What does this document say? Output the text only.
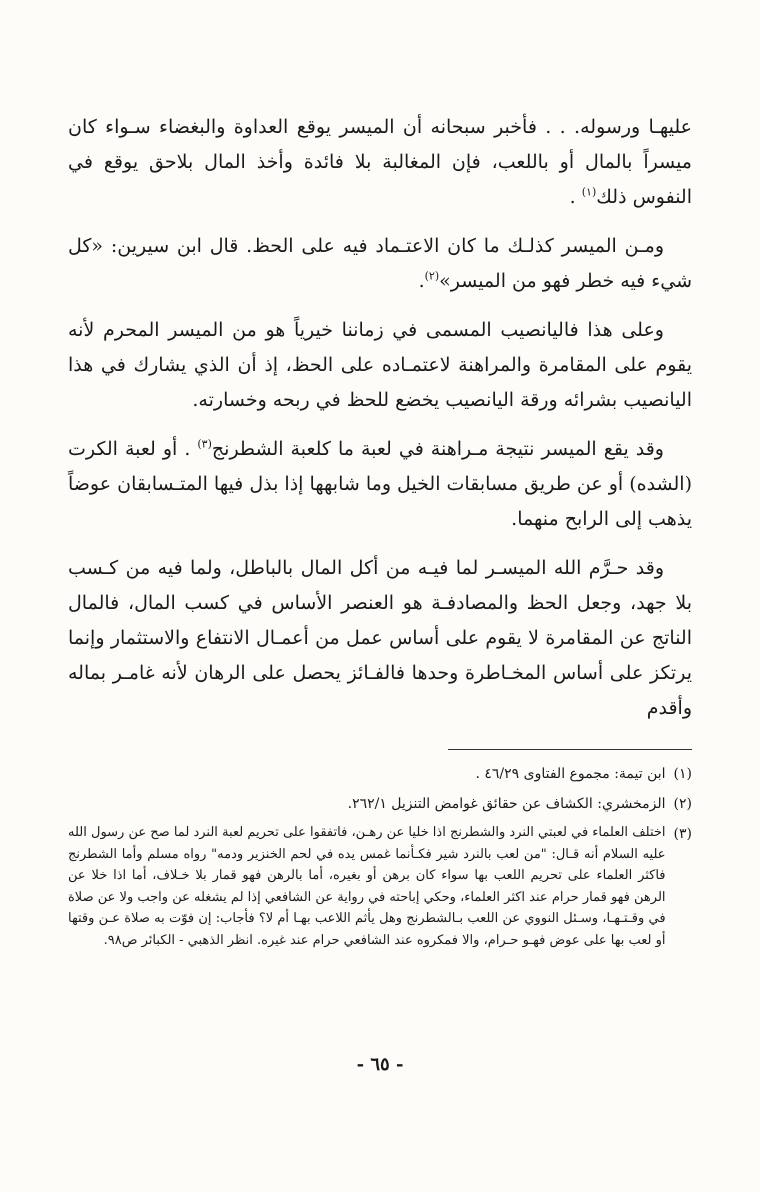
عليهـا ورسوله. . . فأخبر سبحانه أن الميسر يوقع العداوة والبغضاء سـواء كان ميسراً بالمال أو باللعب، فإن المغالبة بلا فائدة وأخذ المال بلاحق يوقع في النفوس ذلك$^{(١)}$ .

ومـن الميسر كذلـك ما كان الاعتـماد فيه على الحظ. قال ابن سيرين: «كل شيء فيه خطر فهو من الميسر»$^{(٢)}$.

وعلى هذا فاليانصيب المسمى في زماننا خيرياً هو من الميسر المحرم لأنه يقوم على المقامرة والمراهنة لاعتمـاده على الحظ، إذ أن الذي يشارك في هذا اليانصيب بشرائه ورقة اليانصيب يخضع للحظ في ربحه وخسارته.

وقد يقع الميسر نتيجة مـراهنة في لعبة ما كلعبة الشطرنج$^{(٣)}$ . أو لعبة الكرت (الشده) أو عن طريق مسابقات الخيل وما شابهها إذا بذل فيها المتـسابقان عوضاً يذهب إلى الرابح منهما.

وقد حـرَّم الله الميسـر لما فيـه من أكل المال بالباطل، ولما فيه من كـسب بلا جهد، وجعل الحظ والمصادفـة هو العنصر الأساس في كسب المال، فالمال الناتج عن المقامرة لا يقوم على أساس عمل من أعمـال الانتفاع والاستثمار وإنما يرتكز على أساس المخـاطرة وحدها فالفـائز يحصل على الرهان لأنه غامـر بماله وأقدم

(١)
ابن تيمة: مجموع الفتاوى ٤٦/٢٩ .
(٢)
الزمخشري: الكشاف عن حقائق غوامض التنزيل ٢٦٢/١.
(٣)
اختلف العلماء في لعبتي النرد والشطرنج اذا خليا عن رهـن، فاتفقوا على تحريم لعبة النرد لما صح عن رسول الله عليه السلام أنه قـال: "من لعب بالنرد شير فكـأنما غمس يده في لحم الخنزير ودمه" رواه مسلم وأما الشطرنج فاكثر العلماء على تحريم اللعب بها سواء كان برهن أو بغيره، أما بالرهن فهو قمار بلا خـلاف، أما اذا خلا عن الرهن فهو قمار حرام عند اكثر العلماء، وحكي إباحته في رواية عن الشافعي إذا لم يشغله عن واجب ولا عن صلاة في وقـتـهـا، وسـئل النووي عن اللعب بـالشطرنج وهل يأثم اللاعب بهـا أم لا؟ فأجاب: إن فوّت به صلاة عـن وقتها أو لعب بها على عوض فهـو حـرام، والا فمكروه عند الشافعي حرام عند غيره. انظر الذهبي - الكبائر ص٩٨.
- ٦٥ -
